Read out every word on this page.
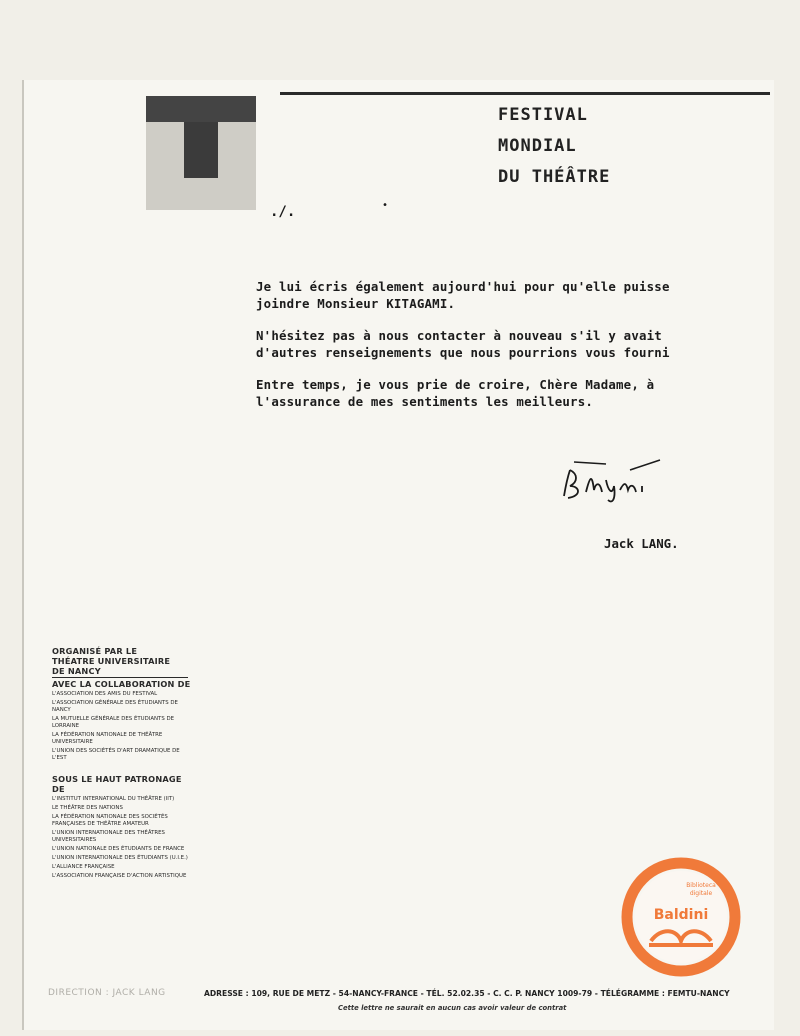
FESTIVAL
MONDIAL
DU THÉÂTRE
./.	•

Je lui écris également aujourd'hui pour qu'elle puisse
joindre Monsieur KITAGAMI.

N'hésitez pas à nous contacter à nouveau s'il y avait
d'autres renseignements que nous pourrions vous fourni

Entre temps, je vous prie de croire, Chère Madame, à
l'assurance de mes sentiments les meilleurs.

Jack LANG.
ORGANISÉ PAR LE
THÉATRE UNIVERSITAIRE
DE NANCY
AVEC LA COLLABORATION DE
L'ASSOCIATION DES AMIS DU FESTIVAL
L'ASSOCIATION GÉNÉRALE DES ÉTUDIANTS DE NANCY
LA MUTUELLE GÉNÉRALE DES ÉTUDIANTS DE LORRAINE
LA FÉDÉRATION NATIONALE DE THÉÂTRE UNIVERSITAIRE
L'UNION DES SOCIÉTÉS D'ART DRAMATIQUE DE L'EST
SOUS LE HAUT PATRONAGE
DE
L'INSTITUT INTERNATIONAL DU THÉÂTRE (IIT)
LE THÉÂTRE DES NATIONS
LA FÉDÉRATION NATIONALE DES SOCIÉTÉS FRANÇAISES DE THÉÂTRE AMATEUR
L'UNION INTERNATIONALE DES THÉÂTRES UNIVERSITAIRES
L'UNION NATIONALE DES ÉTUDIANTS DE FRANCE
L'UNION INTERNATIONALE DES ÉTUDIANTS (U.I.E.)
L'ALLIANCE FRANÇAISE
L'ASSOCIATION FRANÇAISE D'ACTION ARTISTIQUE
DIRECTION : JACK LANG	ADRESSE : 109, RUE DE METZ - 54-NANCY-FRANCE - TÉL. 52.02.35 - C. C. P. NANCY 1009-79 - TÉLÉGRAMME : FEMTU-NANCY
Cette lettre ne saurait en aucun cas avoir valeur de contrat
Biblioteca
digitale
Baldini
